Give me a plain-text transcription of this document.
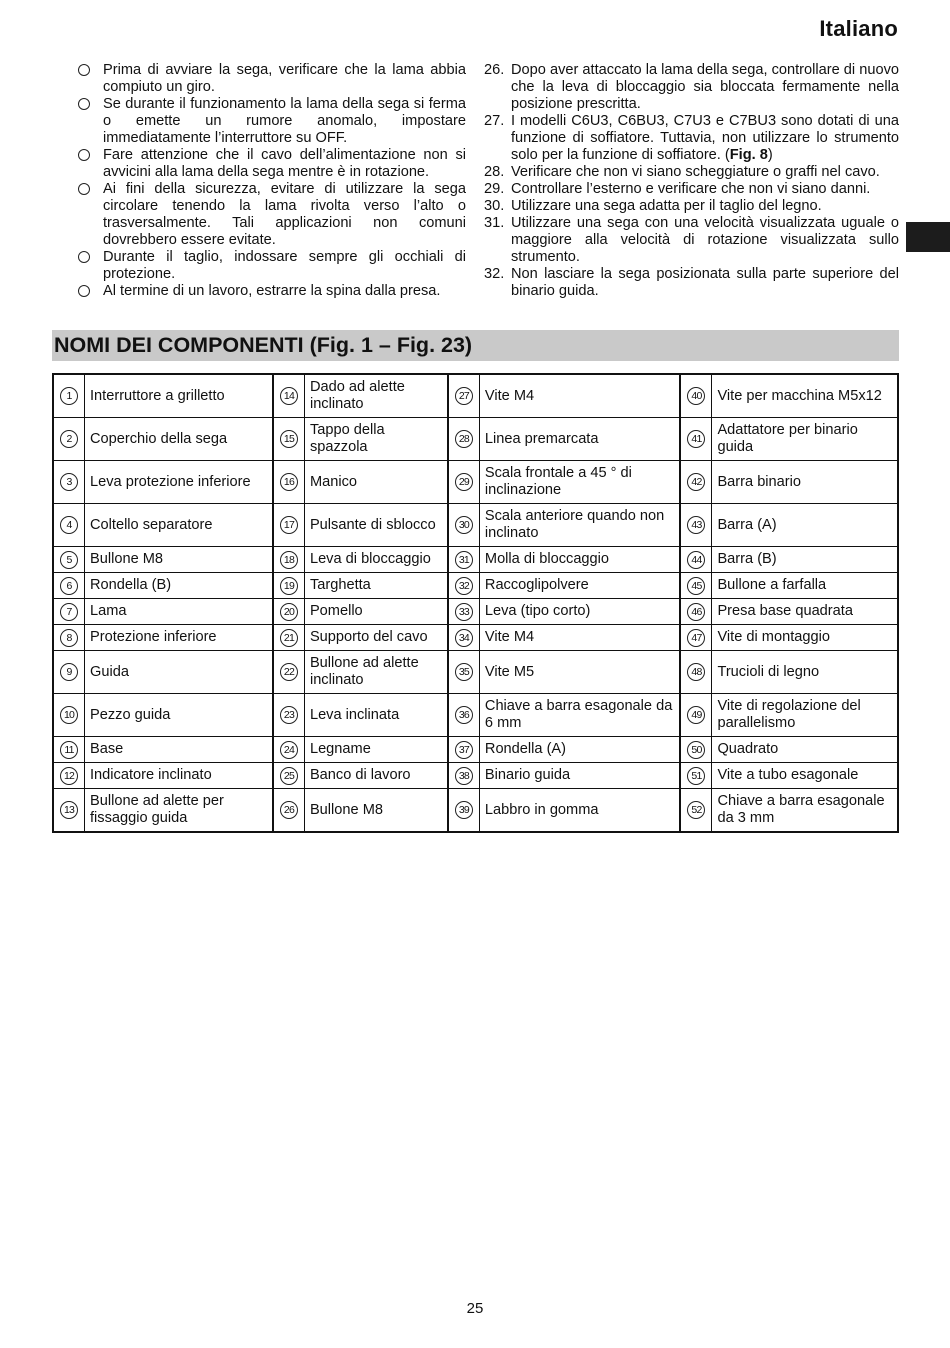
Italiano
Prima di avviare la sega, verificare che la lama abbia compiuto un giro.
Se durante il funzionamento la lama della sega si ferma o emette un rumore anomalo, impostare immediatamente l’interruttore su OFF.
Fare attenzione che il cavo dell’alimentazione non si avvicini alla lama della sega mentre è in rotazione.
Ai fini della sicurezza, evitare di utilizzare la sega circolare tenendo la lama rivolta verso l’alto o trasversalmente. Tali applicazioni non comuni dovrebbero essere evitate.
Durante il taglio, indossare sempre gli occhiali di protezione.
Al termine di un lavoro, estrarre la spina dalla presa.
26. Dopo aver attaccato la lama della sega, controllare di nuovo che la leva di bloccaggio sia bloccata fermamente nella posizione prescritta.
27. I modelli C6U3, C6BU3, C7U3 e C7BU3 sono dotati di una funzione di soffiatore. Tuttavia, non utilizzare lo strumento solo per la funzione di soffiatore. (Fig. 8)
28. Verificare che non vi siano scheggiature o graffi nel cavo.
29. Controllare l’esterno e verificare che non vi siano danni.
30. Utilizzare una sega adatta per il taglio del legno.
31. Utilizzare una sega con una velocità visualizzata uguale o maggiore alla velocità di rotazione visualizzata sullo strumento.
32. Non lasciare la sega posizionata sulla parte superiore del binario guida.
NOMI DEI COMPONENTI (Fig. 1 – Fig. 23)
1	Interruttore a grilletto	14	Dado ad alette inclinato	27	Vite M4	40	Vite per macchina M5x12
2	Coperchio della sega	15	Tappo della spazzola	28	Linea premarcata	41	Adattatore per binario guida
3	Leva protezione inferiore	16	Manico	29	Scala frontale a 45 ° di inclinazione	42	Barra binario
4	Coltello separatore	17	Pulsante di sblocco	30	Scala anteriore quando non inclinato	43	Barra (A)
5	Bullone M8	18	Leva di bloccaggio	31	Molla di bloccaggio	44	Barra (B)
6	Rondella (B)	19	Targhetta	32	Raccoglipolvere	45	Bullone a farfalla
7	Lama	20	Pomello	33	Leva (tipo corto)	46	Presa base quadrata
8	Protezione inferiore	21	Supporto del cavo	34	Vite M4	47	Vite di montaggio
9	Guida	22	Bullone ad alette inclinato	35	Vite M5	48	Trucioli di legno
10	Pezzo guida	23	Leva inclinata	36	Chiave a barra esagonale da 6 mm	49	Vite di regolazione del parallelismo
11	Base	24	Legname	37	Rondella (A)	50	Quadrato
12	Indicatore inclinato	25	Banco di lavoro	38	Binario guida	51	Vite a tubo esagonale
13	Bullone ad alette per fissaggio guida	26	Bullone M8	39	Labbro in gomma	52	Chiave a barra esagonale da 3 mm
25
